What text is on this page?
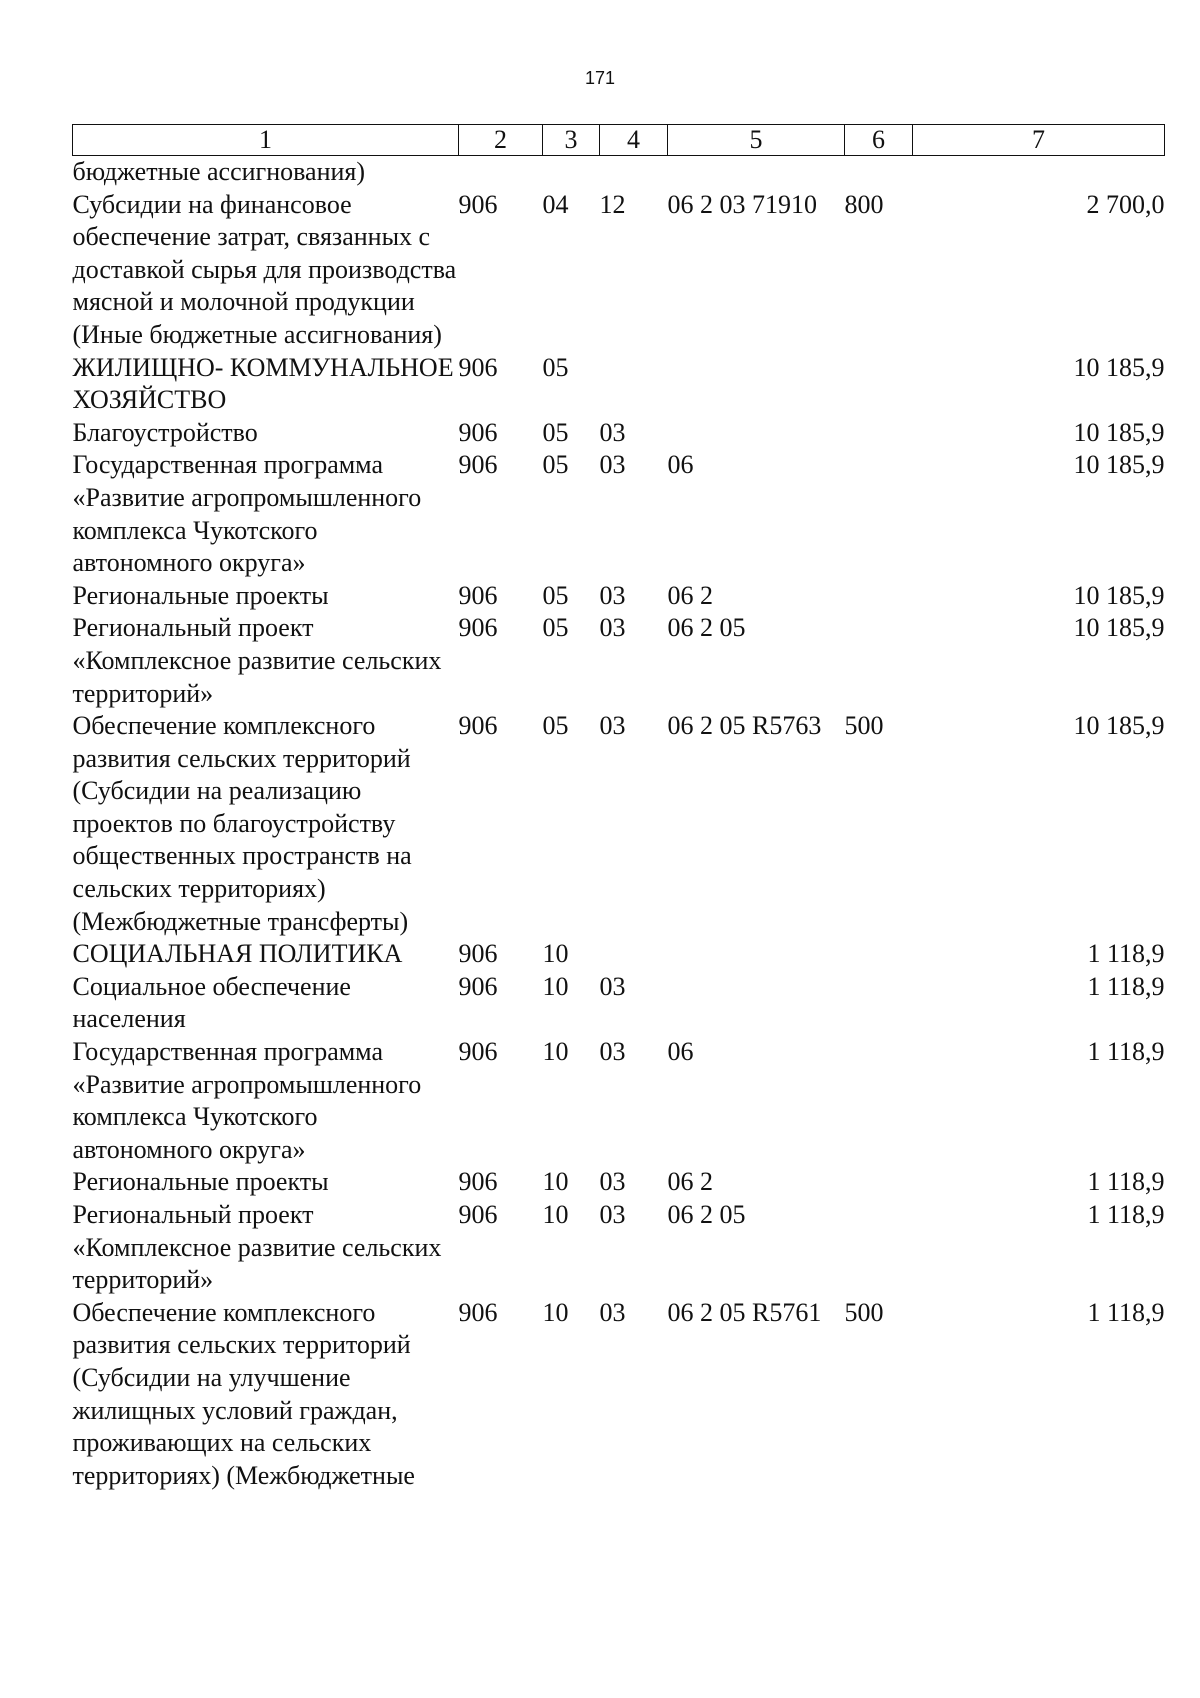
171
1	2	3	4	5	6	7
бюджетные ассигнования)						
Субсидии на финансовое обеспечение затрат, связанных с доставкой сырья для производства мясной и молочной продукции (Иные бюджетные ассигнования)	906	04	12	06 2 03 71910	800	2 700,0
ЖИЛИЩНО- КОММУНАЛЬНОЕ ХОЗЯЙСТВО	906	05				10 185,9
Благоустройство	906	05	03			10 185,9
Государственная программа «Развитие агропромышленного комплекса Чукотского автономного округа»	906	05	03	06		10 185,9
Региональные проекты	906	05	03	06 2		10 185,9
Региональный проект «Комплексное развитие сельских территорий»	906	05	03	06 2 05		10 185,9
Обеспечение комплексного развития сельских территорий (Субсидии на реализацию проектов по благоустройству общественных пространств на сельских территориях) (Межбюджетные трансферты)	906	05	03	06 2 05 R5763	500	10 185,9
СОЦИАЛЬНАЯ ПОЛИТИКА	906	10				1 118,9
Социальное обеспечение населения	906	10	03			1 118,9
Государственная программа «Развитие агропромышленного комплекса Чукотского автономного округа»	906	10	03	06		1 118,9
Региональные проекты	906	10	03	06 2		1 118,9
Региональный проект «Комплексное развитие сельских территорий»	906	10	03	06 2 05		1 118,9
Обеспечение комплексного развития сельских территорий (Субсидии на улучшение жилищных условий граждан, проживающих на сельских территориях) (Межбюджетные	906	10	03	06 2 05 R5761	500	1 118,9
